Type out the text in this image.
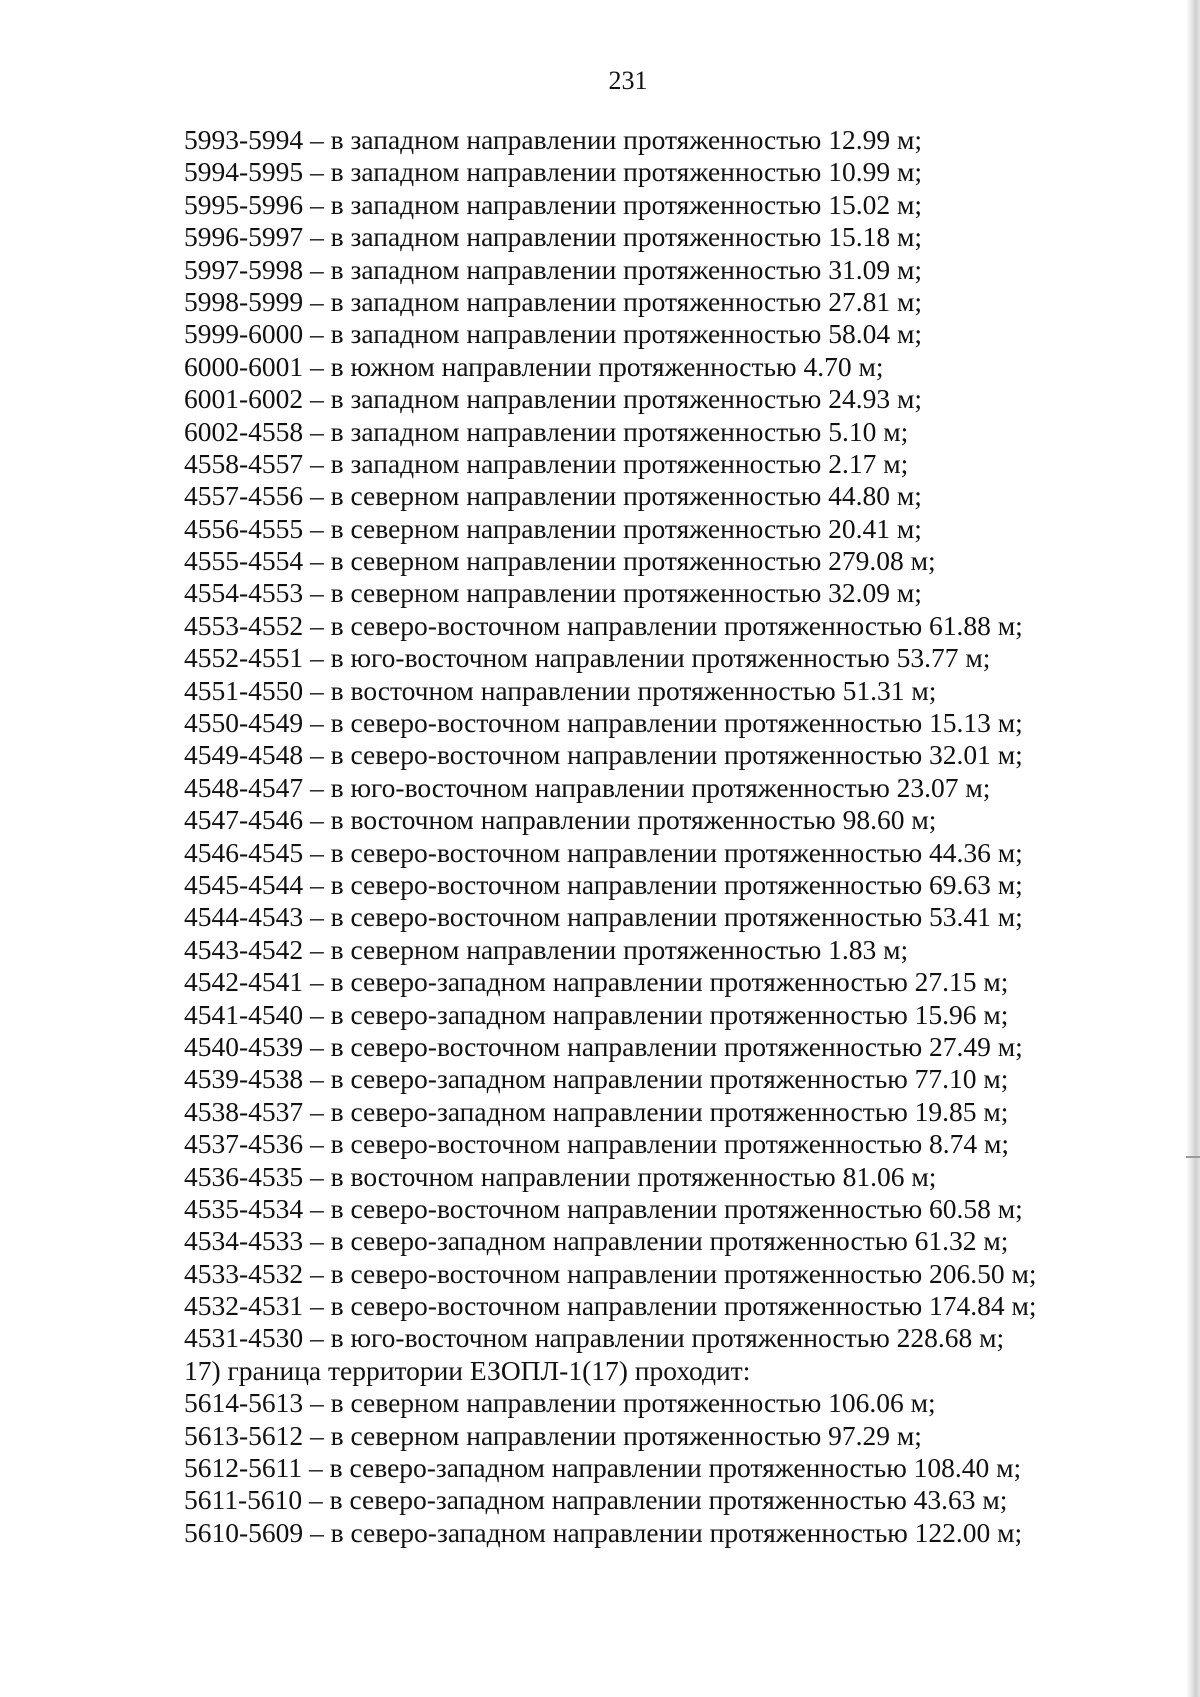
231
5993-5994 – в западном направлении протяженностью 12.99 м;
5994-5995 – в западном направлении протяженностью 10.99 м;
5995-5996 – в западном направлении протяженностью 15.02 м;
5996-5997 – в западном направлении протяженностью 15.18 м;
5997-5998 – в западном направлении протяженностью 31.09 м;
5998-5999 – в западном направлении протяженностью 27.81 м;
5999-6000 – в западном направлении протяженностью 58.04 м;
6000-6001 – в южном направлении протяженностью 4.70 м;
6001-6002 – в западном направлении протяженностью 24.93 м;
6002-4558 – в западном направлении протяженностью 5.10 м;
4558-4557 – в западном направлении протяженностью 2.17 м;
4557-4556 – в северном направлении протяженностью 44.80 м;
4556-4555 – в северном направлении протяженностью 20.41 м;
4555-4554 – в северном направлении протяженностью 279.08 м;
4554-4553 – в северном направлении протяженностью 32.09 м;
4553-4552 – в северо-восточном направлении протяженностью 61.88 м;
4552-4551 – в юго-восточном направлении протяженностью 53.77 м;
4551-4550 – в восточном направлении протяженностью 51.31 м;
4550-4549 – в северо-восточном направлении протяженностью 15.13 м;
4549-4548 – в северо-восточном направлении протяженностью 32.01 м;
4548-4547 – в юго-восточном направлении протяженностью 23.07 м;
4547-4546 – в восточном направлении протяженностью 98.60 м;
4546-4545 – в северо-восточном направлении протяженностью 44.36 м;
4545-4544 – в северо-восточном направлении протяженностью 69.63 м;
4544-4543 – в северо-восточном направлении протяженностью 53.41 м;
4543-4542 – в северном направлении протяженностью 1.83 м;
4542-4541 – в северо-западном направлении протяженностью 27.15 м;
4541-4540 – в северо-западном направлении протяженностью 15.96 м;
4540-4539 – в северо-восточном направлении протяженностью 27.49 м;
4539-4538 – в северо-западном направлении протяженностью 77.10 м;
4538-4537 – в северо-западном направлении протяженностью 19.85 м;
4537-4536 – в северо-восточном направлении протяженностью 8.74 м;
4536-4535 – в восточном направлении протяженностью 81.06 м;
4535-4534 – в северо-восточном направлении протяженностью 60.58 м;
4534-4533 – в северо-западном направлении протяженностью 61.32 м;
4533-4532 – в северо-восточном направлении протяженностью 206.50 м;
4532-4531 – в северо-восточном направлении протяженностью 174.84 м;
4531-4530 – в юго-восточном направлении протяженностью 228.68 м;
17) граница территории ЕЗОПЛ-1(17) проходит:
5614-5613 – в северном направлении протяженностью 106.06 м;
5613-5612 – в северном направлении протяженностью 97.29 м;
5612-5611 – в северо-западном направлении протяженностью 108.40 м;
5611-5610 – в северо-западном направлении протяженностью 43.63 м;
5610-5609 – в северо-западном направлении протяженностью 122.00 м;
